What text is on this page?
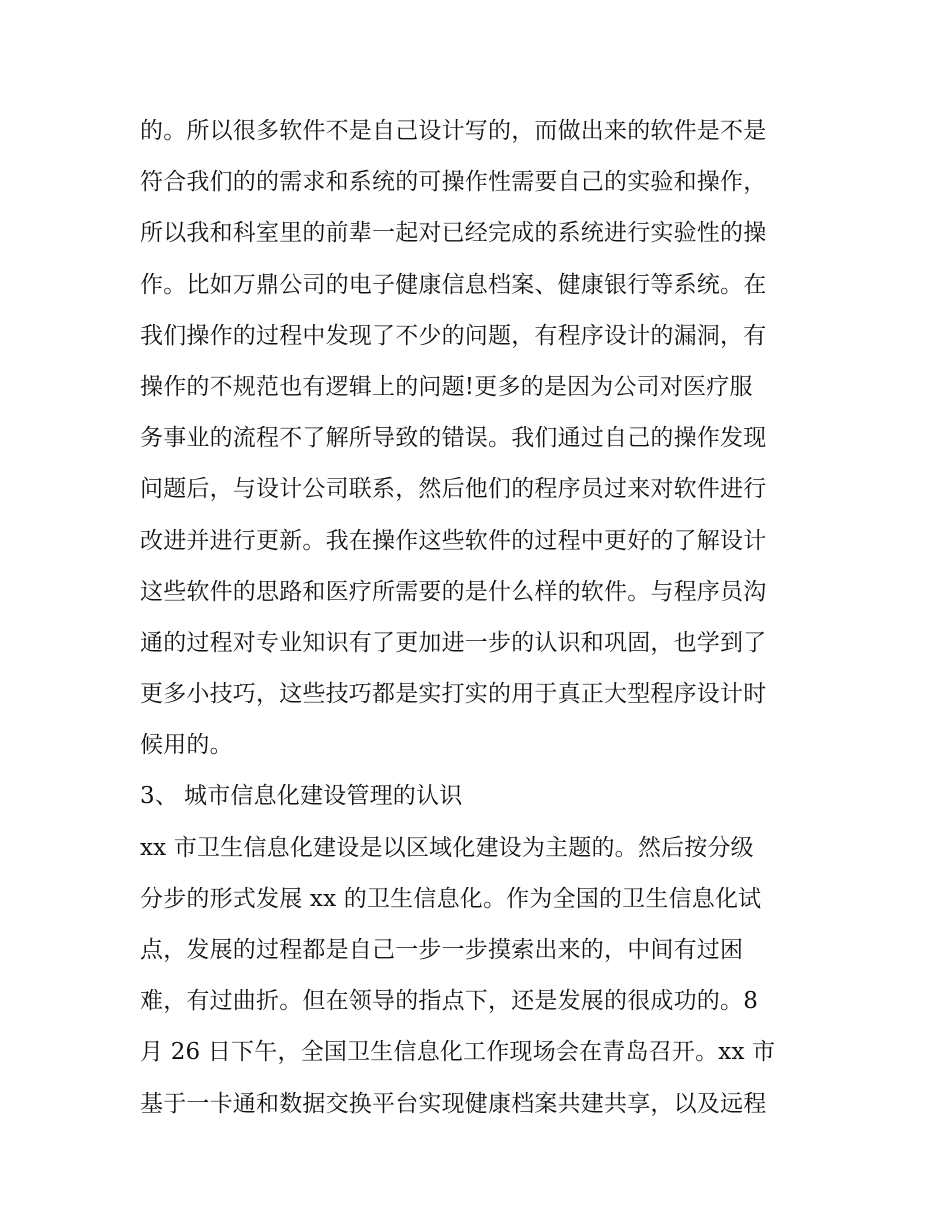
的。所以很多软件不是自己设计写的，而做出来的软件是不是
符合我们的的需求和系统的可操作性需要自己的实验和操作，
所以我和科室里的前辈一起对已经完成的系统进行实验性的操
作。比如万鼎公司的电子健康信息档案、健康银行等系统。在
我们操作的过程中发现了不少的问题，有程序设计的漏洞，有
操作的不规范也有逻辑上的问题!更多的是因为公司对医疗服
务事业的流程不了解所导致的错误。我们通过自己的操作发现
问题后，与设计公司联系，然后他们的程序员过来对软件进行
改进并进行更新。我在操作这些软件的过程中更好的了解设计
这些软件的思路和医疗所需要的是什么样的软件。与程序员沟
通的过程对专业知识有了更加进一步的认识和巩固，也学到了
更多小技巧，这些技巧都是实打实的用于真正大型程序设计时
候用的。
3、 城市信息化建设管理的认识
xx 市卫生信息化建设是以区域化建设为主题的。然后按分级
分步的形式发展 xx 的卫生信息化。作为全国的卫生信息化试
点，发展的过程都是自己一步一步摸索出来的，中间有过困
难，有过曲折。但在领导的指点下，还是发展的很成功的。8
月 26 日下午，全国卫生信息化工作现场会在青岛召开。xx 市
基于一卡通和数据交换平台实现健康档案共建共享，以及远程
